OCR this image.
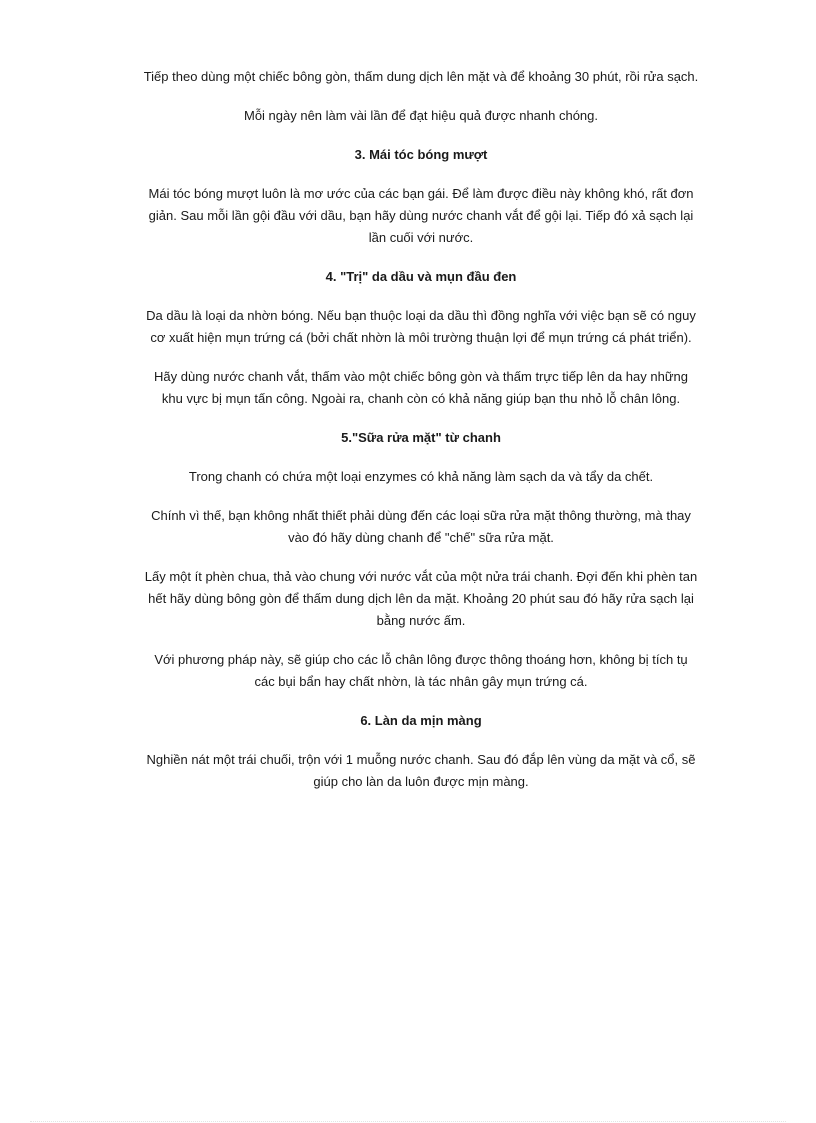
Tiếp theo dùng một chiếc bông gòn, thấm dung dịch lên mặt và để khoảng 30 phút, rồi rửa sạch.

Mỗi ngày nên làm vài lần để đạt hiệu quả được nhanh chóng.

3. Mái tóc bóng mượt

Mái tóc bóng mượt luôn là mơ ước của các bạn gái. Để làm được điều này không khó, rất đơn giản. Sau mỗi lần gội đầu với dầu, bạn hãy dùng nước chanh vắt để gội lại. Tiếp đó xả sạch lại lần cuối với nước.

4. "Trị" da dầu và mụn đầu đen

Da dầu là loại da nhờn bóng. Nếu bạn thuộc loại da dầu thì đồng nghĩa với việc bạn sẽ có nguy cơ xuất hiện mụn trứng cá (bởi chất nhờn là môi trường thuận lợi để mụn trứng cá phát triển).

Hãy dùng nước chanh vắt, thấm vào một chiếc bông gòn và thấm trực tiếp lên da hay những khu vực bị mụn tấn công. Ngoài ra, chanh còn có khả năng giúp bạn thu nhỏ lỗ chân lông.

5."Sữa rửa mặt" từ chanh

Trong chanh có chứa một loại enzymes có khả năng làm sạch da và tẩy da chết.

Chính vì thế, bạn không nhất thiết phải dùng đến các loại sữa rửa mặt thông thường, mà thay vào đó hãy dùng chanh để "chế" sữa rửa mặt.

Lấy một ít phèn chua, thả vào chung với nước vắt của một nửa trái chanh. Đợi đến khi phèn tan hết hãy dùng bông gòn để thấm dung dịch lên da mặt. Khoảng 20 phút sau đó hãy rửa sạch lại bằng nước ấm.

Với phương pháp này, sẽ giúp cho các lỗ chân lông được thông thoáng hơn, không bị tích tụ các bụi bẩn hay chất nhờn, là tác nhân gây mụn trứng cá.

6. Làn da mịn màng

Nghiền nát một trái chuối, trộn với 1 muỗng nước chanh. Sau đó đắp lên vùng da mặt và cổ, sẽ giúp cho làn da luôn được mịn màng.
